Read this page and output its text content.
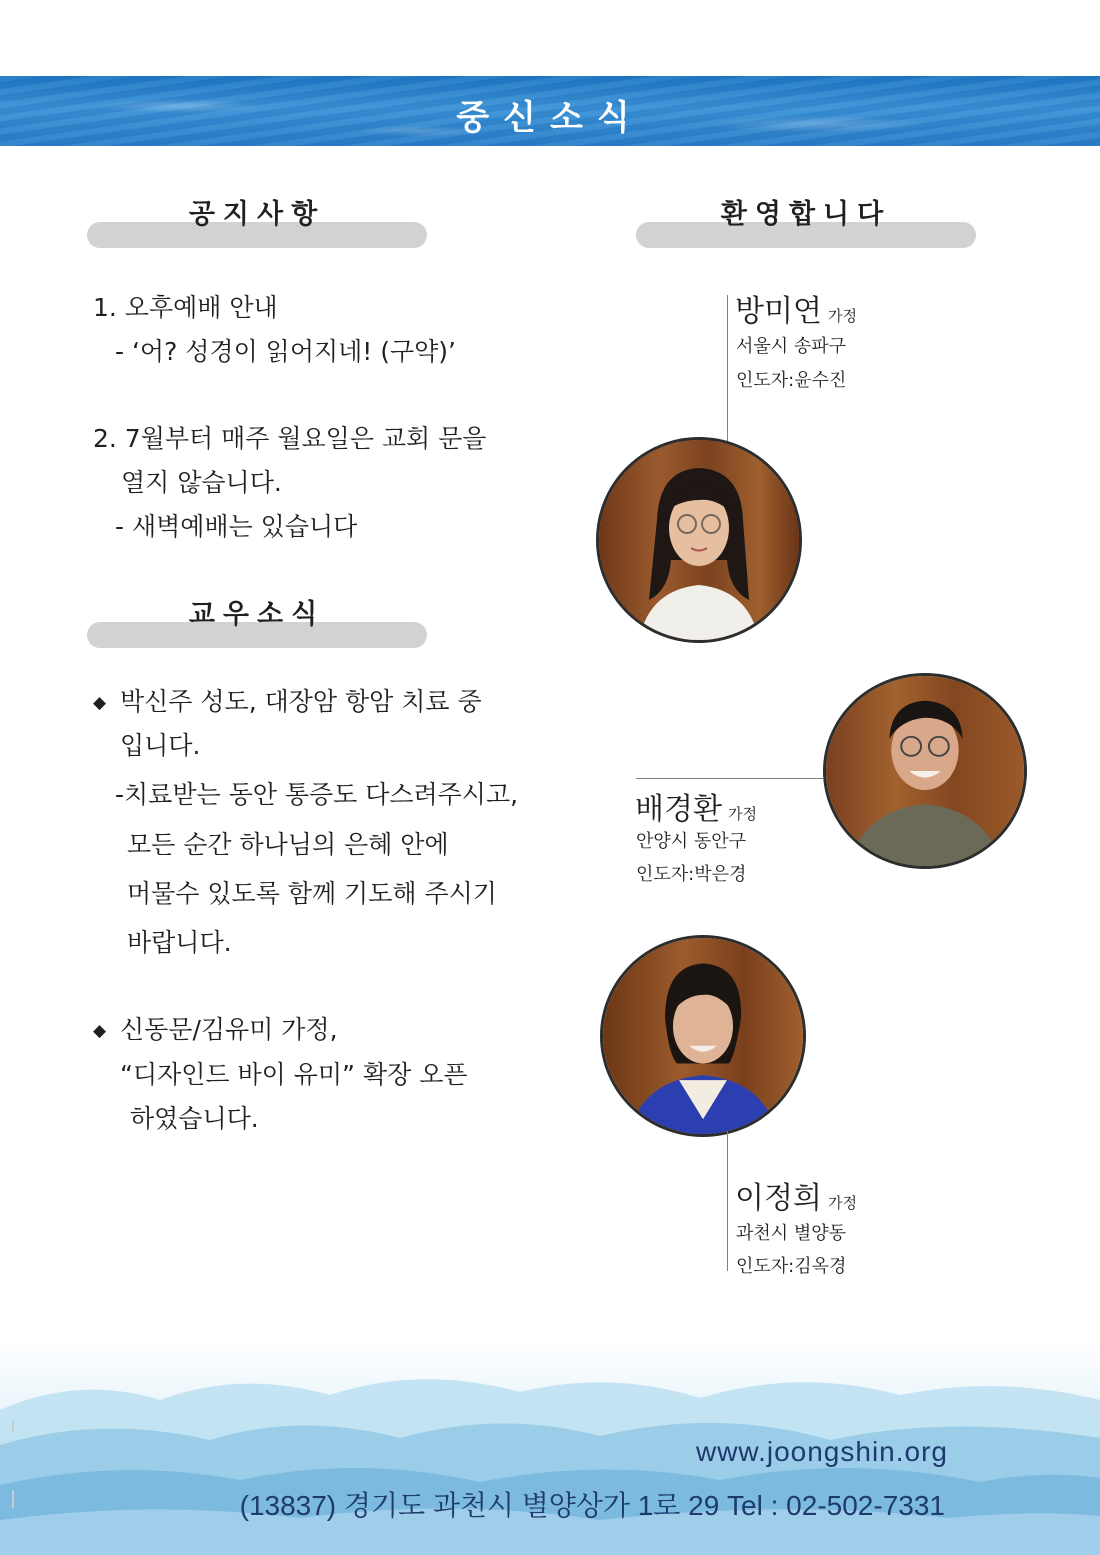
중신소식
공지사항
1. 오후예배 안내
- ‘어? 성경이 읽어지네! (구약)’
2. 7월부터 매주 월요일은 교회 문을
열지 않습니다.
- 새벽예배는 있습니다
교우소식
◆ 박신주 성도, 대장암 항암 치료 중
입니다.
-치료받는 동안 통증도 다스려주시고,
모든 순간 하나님의 은혜 안에
머물수 있도록 함께 기도해 주시기
바랍니다.
◆ 신동문/김유미 가정,
“디자인드 바이 유미” 확장 오픈
하였습니다.
환영합니다
방미연 가정
서울시 송파구
인도자:윤수진
배경환 가정
안양시 동안구
인도자:박은경
이정희 가정
과천시 별양동
인도자:김옥경
www.joongshin.org
(13837) 경기도 과천시 별양상가 1로 29 Tel : 02-502-7331
